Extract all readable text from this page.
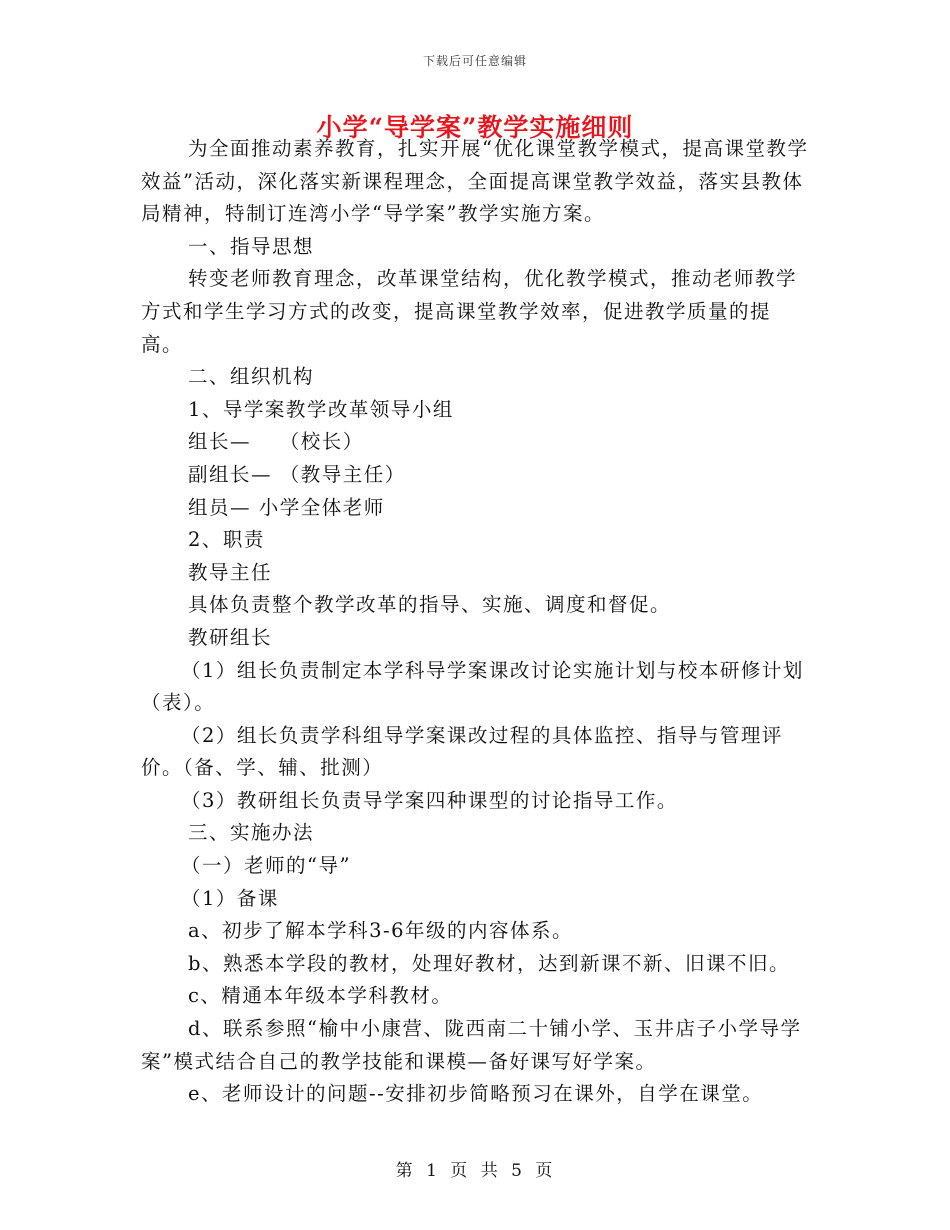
下载后可任意编辑
小学“导学案”教学实施细则

为全面推动素养教育，扎实开展“优化课堂教学模式，提高课堂教学效益”活动，深化落实新课程理念，全面提高课堂教学效益，落实县教体局精神，特制订连湾小学“导学案”教学实施方案。

一、指导思想

转变老师教育理念，改革课堂结构，优化教学模式，推动老师教学方式和学生学习方式的改变，提高课堂教学效率，促进教学质量的提高。

二、组织机构

1、导学案教学改革领导小组

组长—　 （校长）

副组长— （教导主任）

组员— 小学全体老师

2、职责

教导主任

具体负责整个教学改革的指导、实施、调度和督促。

教研组长

（1）组长负责制定本学科导学案课改讨论实施计划与校本研修计划（表）。

（2）组长负责学科组导学案课改过程的具体监控、指导与管理评价。（备、学、辅、批测）

（3）教研组长负责导学案四种课型的讨论指导工作。

三、实施办法

（一）老师的“导”

（1）备课

a、初步了解本学科3-6年级的内容体系。

b、熟悉本学段的教材，处理好教材，达到新课不新、旧课不旧。

c、精通本年级本学科教材。

d、联系参照“榆中小康营、陇西南二十铺小学、玉井店子小学导学案”模式结合自己的教学技能和课模—备好课写好学案。

e、老师设计的问题--安排初步简略预习在课外，自学在课堂。

第 1 页 共 5 页
